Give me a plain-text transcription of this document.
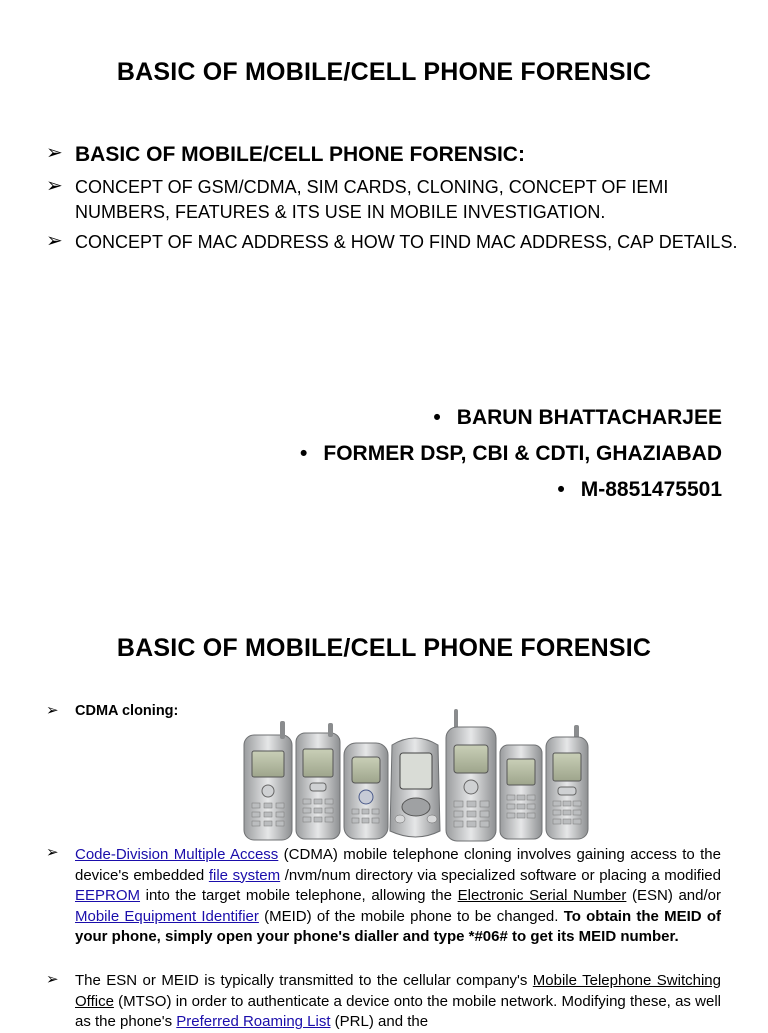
BASIC OF MOBILE/CELL PHONE FORENSIC
➢ BASIC OF MOBILE/CELL PHONE FORENSIC:
➢ CONCEPT OF GSM/CDMA, SIM CARDS, CLONING, CONCEPT OF IEMI
NUMBERS, FEATURES & ITS USE IN MOBILE INVESTIGATION.
➢ CONCEPT OF MAC ADDRESS & HOW TO FIND MAC ADDRESS, CAP DETAILS.
• BARUN BHATTACHARJEE
• FORMER DSP, CBI & CDTI, GHAZIABAD
• M-8851475501
BASIC OF MOBILE/CELL PHONE FORENSIC
➢ CDMA cloning:
➢ Code-Division Multiple Access (CDMA) mobile telephone cloning involves gaining access to the device's embedded file system /nvm/num directory via specialized software or placing a modified EEPROM into the target mobile telephone, allowing the Electronic Serial Number (ESN) and/or Mobile Equipment Identifier (MEID) of the mobile phone to be changed. To obtain the MEID of your phone, simply open your phone's dialler and type *#06# to get its MEID number.
➢ The ESN or MEID is typically transmitted to the cellular company's Mobile Telephone Switching Office (MTSO) in order to authenticate a device onto the mobile network. Modifying these, as well as the phone's Preferred Roaming List (PRL) and the
